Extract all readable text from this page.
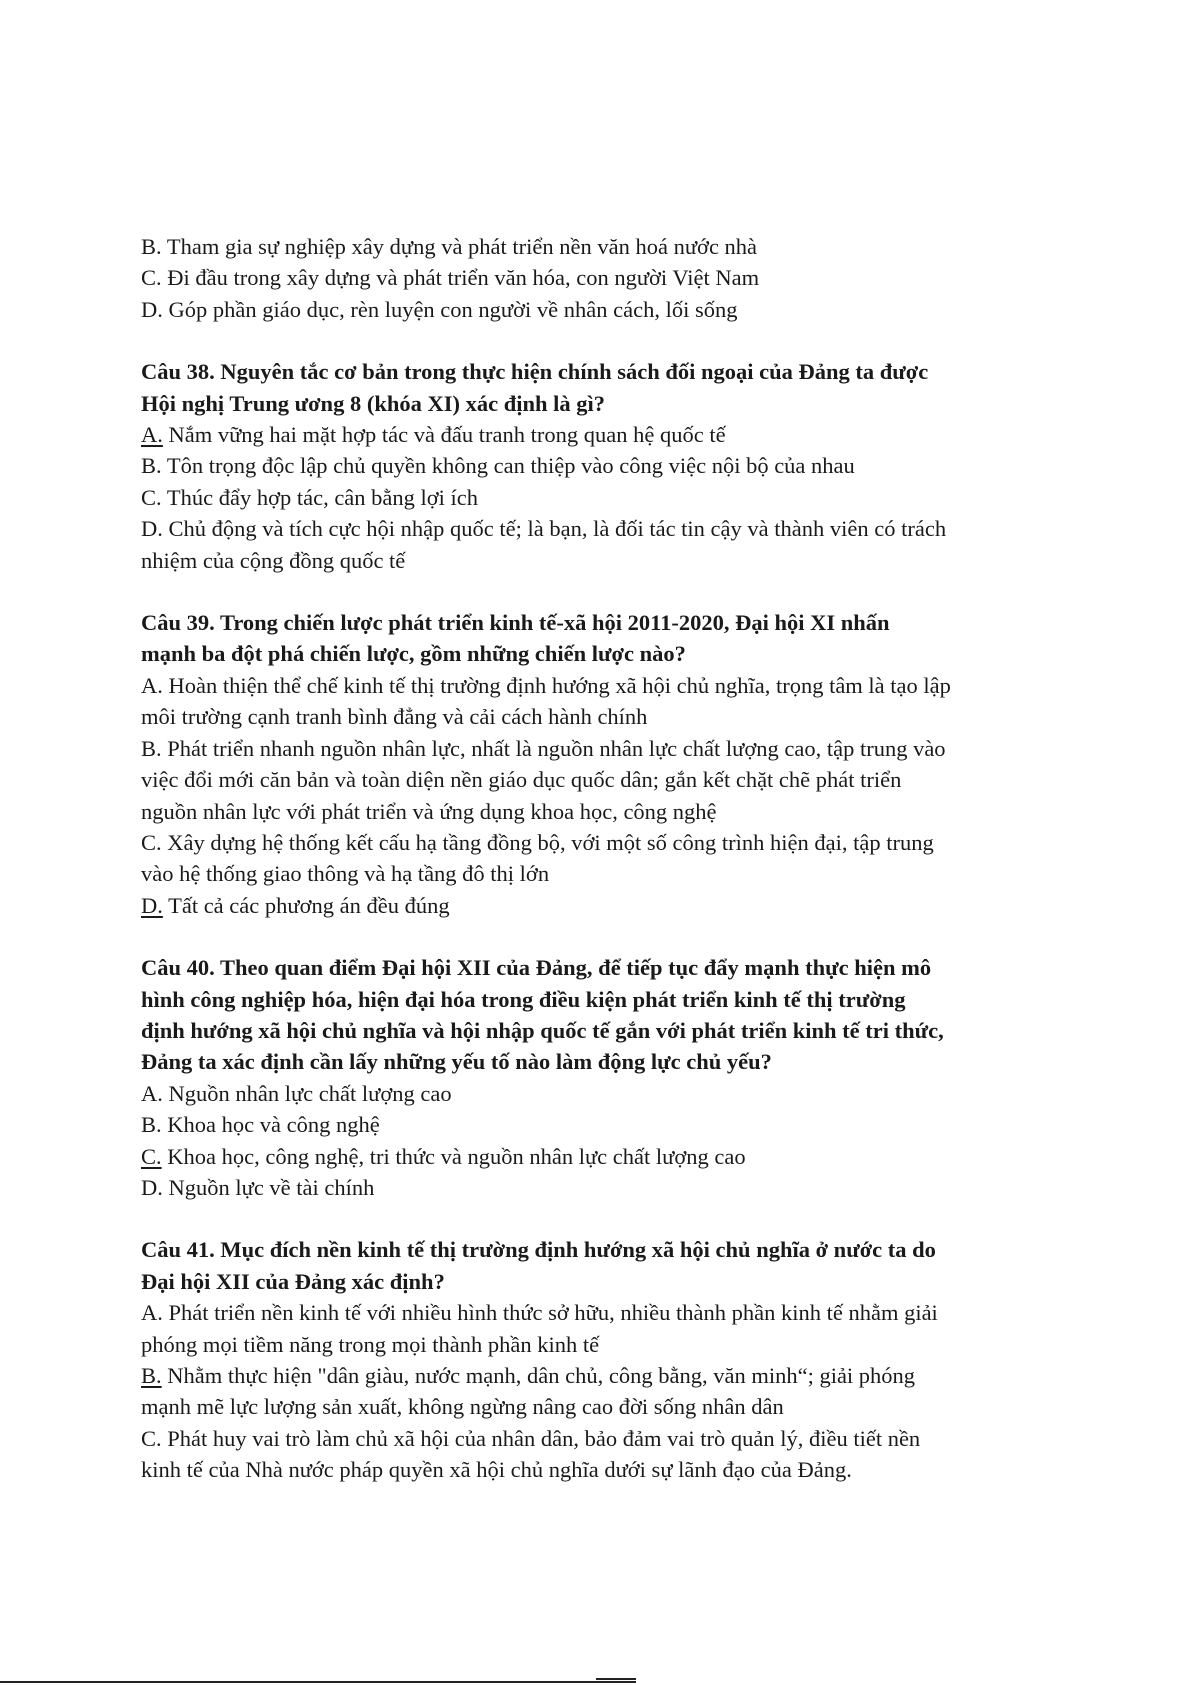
B. Tham gia sự nghiệp xây dựng và phát triển nền văn hoá nước nhà

C. Đi đầu trong xây dựng và phát triển văn hóa, con người Việt Nam

D. Góp phần giáo dục, rèn luyện con người về nhân cách, lối sống

Câu 38. Nguyên tắc cơ bản trong thực hiện chính sách đối ngoại của Đảng ta được

Hội nghị Trung ương 8 (khóa XI) xác định là gì?

A. Nắm vững hai mặt hợp tác và đấu tranh trong quan hệ quốc tế

B. Tôn trọng độc lập chủ quyền không can thiệp vào công việc nội bộ của nhau

C. Thúc đẩy hợp tác, cân bằng lợi ích

D. Chủ động và tích cực hội nhập quốc tế; là bạn, là đối tác tin cậy và thành viên có trách

nhiệm của cộng đồng quốc tế

Câu 39. Trong chiến lược phát triển kinh tế-xã hội 2011-2020, Đại hội XI nhấn

mạnh ba đột phá chiến lược, gồm những chiến lược nào?

A. Hoàn thiện thể chế kinh tế thị trường định hướng xã hội chủ nghĩa, trọng tâm là tạo lập

môi trường cạnh tranh bình đẳng và cải cách hành chính

B. Phát triển nhanh nguồn nhân lực, nhất là nguồn nhân lực chất lượng cao, tập trung vào

việc đổi mới căn bản và toàn diện nền giáo dục quốc dân; gắn kết chặt chẽ phát triển

nguồn nhân lực với phát triển và ứng dụng khoa học, công nghệ

C. Xây dựng hệ thống kết cấu hạ tầng đồng bộ, với một số công trình hiện đại, tập trung

vào hệ thống giao thông và hạ tầng đô thị lớn

D. Tất cả các phương án đều đúng

Câu 40. Theo quan điểm Đại hội XII của Đảng, để tiếp tục đẩy mạnh thực hiện mô

hình công nghiệp hóa, hiện đại hóa trong điều kiện phát triển kinh tế thị trường

định hướng xã hội chủ nghĩa và hội nhập quốc tế gắn với phát triển kinh tế tri thức,

Đảng ta xác định cần lấy những yếu tố nào làm động lực chủ yếu?

A. Nguồn nhân lực chất lượng cao

B. Khoa học và công nghệ

C. Khoa học, công nghệ, tri thức và nguồn nhân lực chất lượng cao

D. Nguồn lực về tài chính

Câu 41. Mục đích nền kinh tế thị trường định hướng xã hội chủ nghĩa ở nước ta do

Đại hội XII của Đảng xác định?

A. Phát triển nền kinh tế với nhiều hình thức sở hữu, nhiều thành phần kinh tế nhằm giải

phóng mọi tiềm năng trong mọi thành phần kinh tế

B. Nhằm thực hiện "dân giàu, nước mạnh, dân chủ, công bằng, văn minh“; giải phóng

mạnh mẽ lực lượng sản xuất, không ngừng nâng cao đời sống nhân dân

C. Phát huy vai trò làm chủ xã hội của nhân dân, bảo đảm vai trò quản lý, điều tiết nền

kinh tế của Nhà nước pháp quyền xã hội chủ nghĩa dưới sự lãnh đạo của Đảng.
